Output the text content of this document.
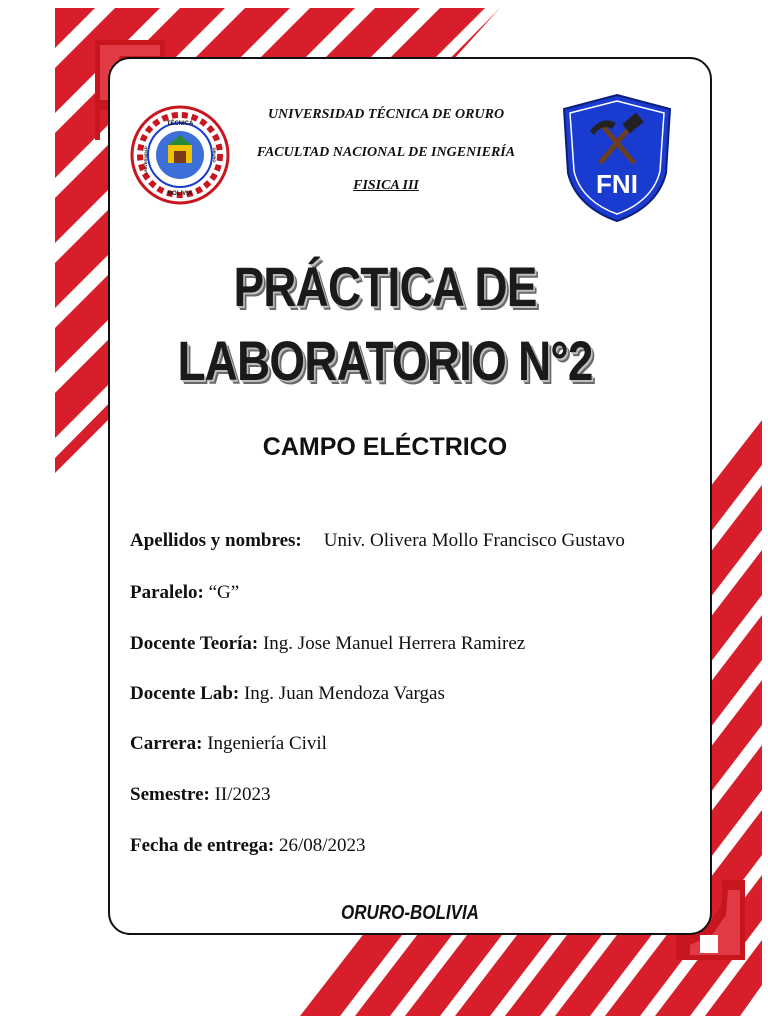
TÉCNICA
BOLIVIA
UNIVERSIDAD	ORURO
FNI
UNIVERSIDAD TÉCNICA DE ORURO
FACULTAD NACIONAL DE INGENIERÍA
FISICA III
PRÁCTICA DE
LABORATORIO N°2
CAMPO ELÉCTRICO
Apellidos y nombres: Univ. Olivera Mollo Francisco Gustavo
Paralelo: “G”
Docente Teoría: Ing. Jose Manuel Herrera Ramirez
Docente Lab: Ing. Juan Mendoza Vargas
Carrera: Ingeniería Civil
Semestre: II/2023
Fecha de entrega: 26/08/2023
ORURO-BOLIVIA
